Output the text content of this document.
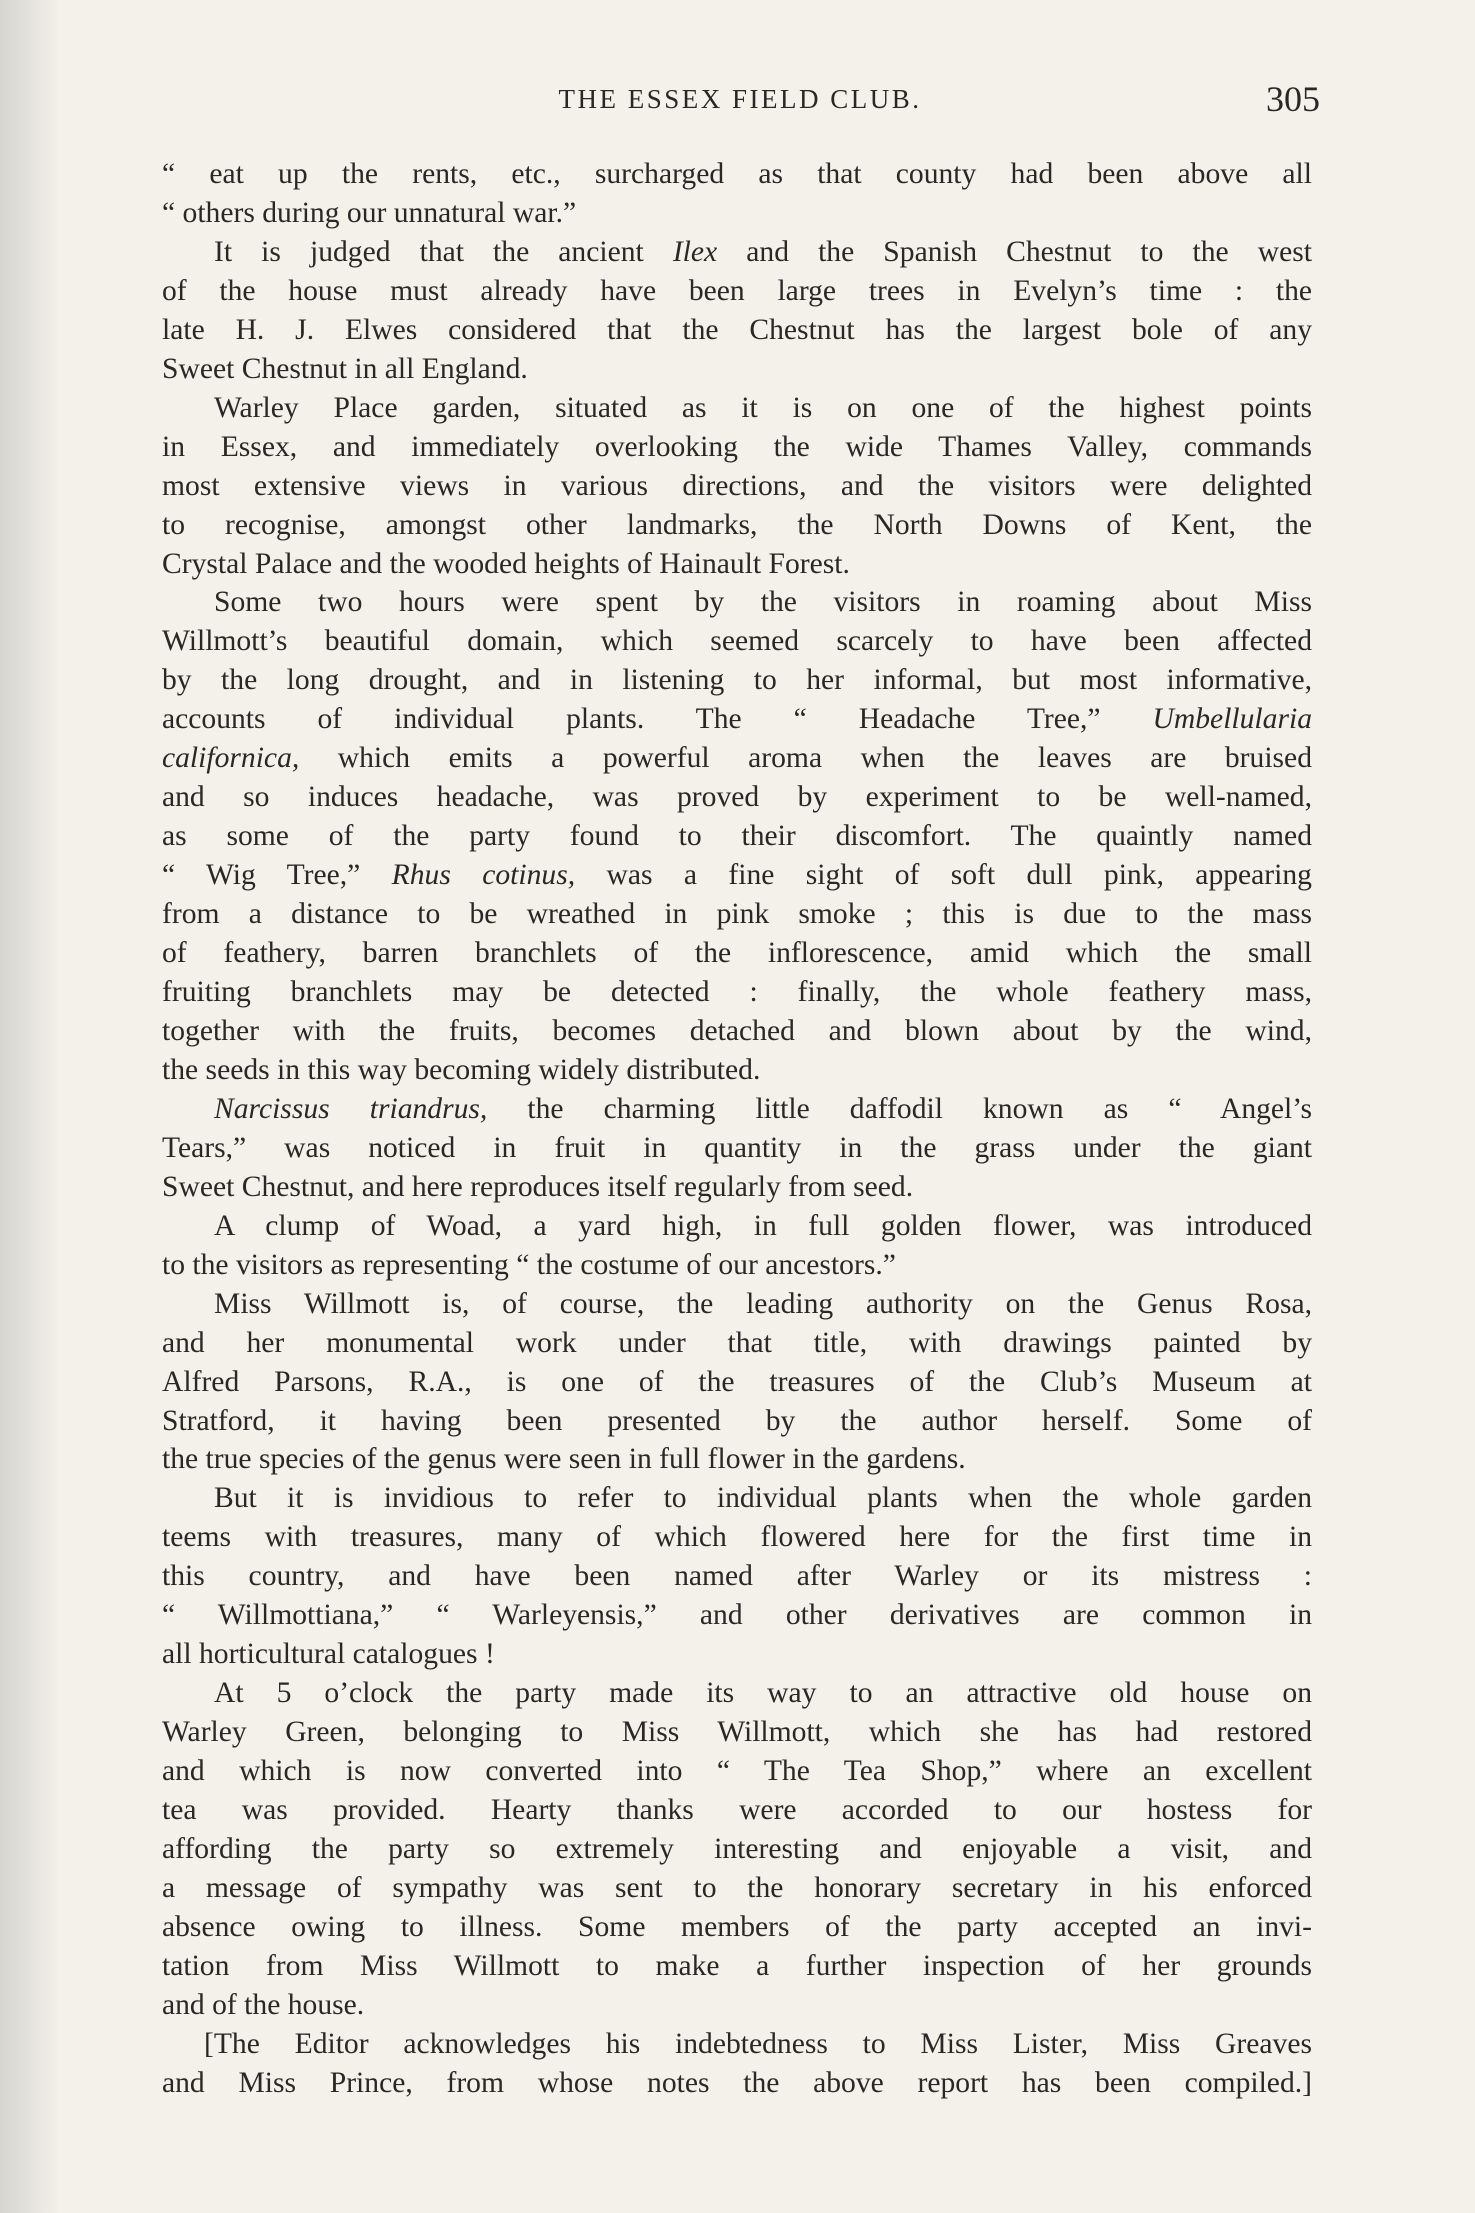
THE ESSEX FIELD CLUB.	305
“ eat up the rents, etc., surcharged as that county had been above all
“ others during our unnatural war.”
It is judged that the ancient Ilex and the Spanish Chestnut to the west
of the house must already have been large trees in Evelyn’s time : the
late H. J. Elwes considered that the Chestnut has the largest bole of any
Sweet Chestnut in all England.
Warley Place garden, situated as it is on one of the highest points
in Essex, and immediately overlooking the wide Thames Valley, commands
most extensive views in various directions, and the visitors were delighted
to recognise, amongst other landmarks, the North Downs of Kent, the
Crystal Palace and the wooded heights of Hainault Forest.
Some two hours were spent by the visitors in roaming about Miss
Willmott’s beautiful domain, which seemed scarcely to have been affected
by the long drought, and in listening to her informal, but most informative,
accounts of individual plants. The “ Headache Tree,” Umbellularia
californica, which emits a powerful aroma when the leaves are bruised
and so induces headache, was proved by experiment to be well-named,
as some of the party found to their discomfort. The quaintly named
“ Wig Tree,” Rhus cotinus, was a fine sight of soft dull pink, appearing
from a distance to be wreathed in pink smoke ; this is due to the mass
of feathery, barren branchlets of the inflorescence, amid which the small
fruiting branchlets may be detected : finally, the whole feathery mass,
together with the fruits, becomes detached and blown about by the wind,
the seeds in this way becoming widely distributed.
Narcissus triandrus, the charming little daffodil known as “ Angel’s
Tears,” was noticed in fruit in quantity in the grass under the giant
Sweet Chestnut, and here reproduces itself regularly from seed.
A clump of Woad, a yard high, in full golden flower, was introduced
to the visitors as representing “ the costume of our ancestors.”
Miss Willmott is, of course, the leading authority on the Genus Rosa,
and her monumental work under that title, with drawings painted by
Alfred Parsons, R.A., is one of the treasures of the Club’s Museum at
Stratford, it having been presented by the author herself. Some of
the true species of the genus were seen in full flower in the gardens.
But it is invidious to refer to individual plants when the whole garden
teems with treasures, many of which flowered here for the first time in
this country, and have been named after Warley or its mistress :
“ Willmottiana,” “ Warleyensis,” and other derivatives are common in
all horticultural catalogues !
At 5 o’clock the party made its way to an attractive old house on
Warley Green, belonging to Miss Willmott, which she has had restored
and which is now converted into “ The Tea Shop,” where an excellent
tea was provided. Hearty thanks were accorded to our hostess for
affording the party so extremely interesting and enjoyable a visit, and
a message of sympathy was sent to the honorary secretary in his enforced
absence owing to illness. Some members of the party accepted an invi-
tation from Miss Willmott to make a further inspection of her grounds
and of the house.
[The Editor acknowledges his indebtedness to Miss Lister, Miss Greaves
and Miss Prince, from whose notes the above report has been compiled.]
